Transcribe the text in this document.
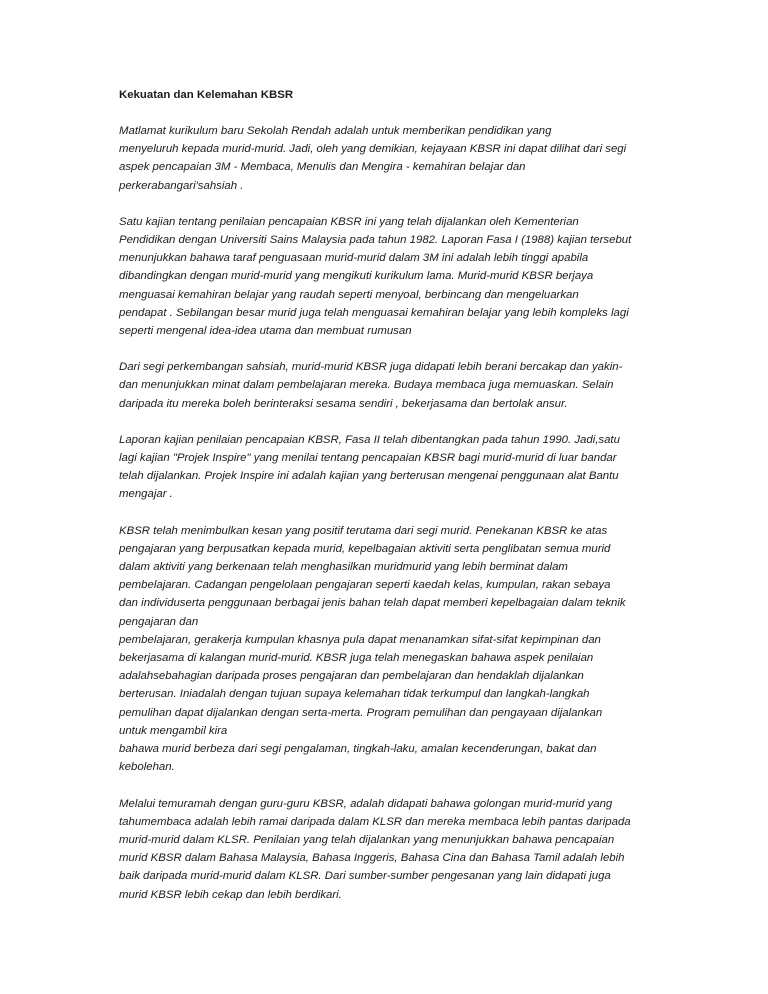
Kekuatan dan Kelemahan KBSR
Matlamat kurikulum baru Sekolah Rendah adalah untuk memberikan pendidikan yang
menyeluruh kepada murid-murid. Jadi, oleh yang demikian, kejayaan KBSR ini dapat dilihat dari segi
aspek pencapaian 3M - Membaca, Menulis dan Mengira - kemahiran belajar dan
perkerabangari'sahsiah .
Satu kajian tentang penilaian pencapaian KBSR ini yang telah dijalankan oleh Kementerian
Pendidikan dengan Universiti Sains Malaysia pada tahun 1982. Laporan Fasa I (1988) kajian tersebut
menunjukkan bahawa taraf penguasaan murid-murid dalam 3M ini adalah lebih tinggi apabila
dibandingkan dengan murid-murid yang mengikuti kurikulum lama. Murid-murid KBSR berjaya
menguasai kemahiran belajar yang raudah seperti menyoal, berbincang dan mengeluarkan
pendapat . Sebilangan besar murid juga telah menguasai kemahiran belajar yang lebih kompleks lagi
seperti mengenal idea-idea utama dan membuat rumusan
Dari segi perkembangan sahsiah, murid-murid KBSR juga didapati lebih berani bercakap dan yakin-
dan menunjukkan minat dalam pembelajaran mereka. Budaya membaca juga memuaskan. Selain
daripada itu mereka boleh berinteraksi sesama sendiri , bekerjasama dan bertolak ansur.
Laporan kajian penilaian pencapaian KBSR, Fasa II telah dibentangkan pada tahun 1990. Jadi,satu
lagi kajian "Projek Inspire" yang menilai tentang pencapaian KBSR bagi murid-murid di luar bandar
telah dijalankan. Projek Inspire ini adalah kajian yang berterusan mengenai penggunaan alat Bantu
mengajar .
KBSR telah menimbulkan kesan yang positif terutama dari segi murid. Penekanan KBSR ke atas
pengajaran yang berpusatkan kepada murid, kepelbagaian aktiviti serta penglibatan semua murid
dalam aktiviti yang berkenaan telah menghasilkan muridmurid yang lebih berminat dalam
pembelajaran. Cadangan pengelolaan pengajaran seperti kaedah kelas, kumpulan, rakan sebaya
dan individuserta penggunaan berbagai jenis bahan telah dapat memberi kepelbagaian dalam teknik
pengajaran dan
pembelajaran, gerakerja kumpulan khasnya pula dapat menanamkan sifat-sifat kepimpinan dan
bekerjasama di kalangan murid-murid. KBSR juga telah menegaskan bahawa aspek penilaian
adalahsebahagian daripada proses pengajaran dan pembelajaran dan hendaklah dijalankan
berterusan. Iniadalah dengan tujuan supaya kelemahan tidak terkumpul dan langkah-langkah
pemulihan dapat dijalankan dengan serta-merta. Program pemulihan dan pengayaan dijalankan
untuk mengambil kira
bahawa murid berbeza dari segi pengalaman, tingkah-laku, amalan kecenderungan, bakat dan
kebolehan.
Melalui temuramah dengan guru-guru KBSR, adalah didapati bahawa golongan murid-murid yang
tahumembaca adalah lebih ramai daripada dalam KLSR dan mereka membaca lebih pantas daripada
murid-murid dalam KLSR. Penilaian yang telah dijalankan yang menunjukkan bahawa pencapaian
murid KBSR dalam Bahasa Malaysia, Bahasa Inggeris, Bahasa Cina dan Bahasa Tamil adalah lebih
baik daripada murid-murid dalam KLSR. Dari sumber-sumber pengesanan yang lain didapati juga
murid KBSR lebih cekap dan lebih berdikari.
